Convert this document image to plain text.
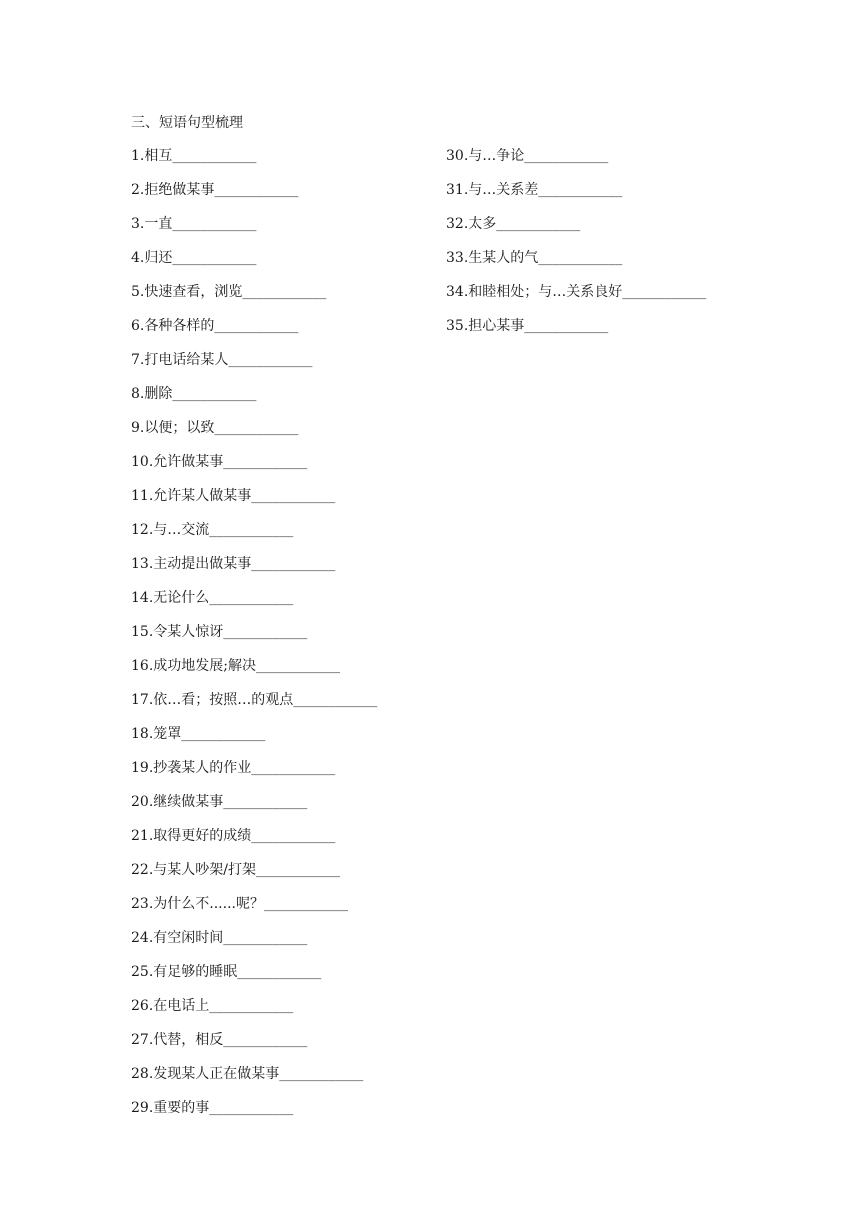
三、短语句型梳理
1.相互____________
2.拒绝做某事____________
3.一直____________
4.归还____________
5.快速查看，浏览____________
6.各种各样的____________
7.打电话给某人____________
8.删除____________
9.以便；以致____________
10.允许做某事____________
11.允许某人做某事____________
12.与…交流____________
13.主动提出做某事____________
14.无论什么____________
15.令某人惊讶____________
16.成功地发展;解决____________
17.依…看；按照…的观点____________
18.笼罩____________
19.抄袭某人的作业____________
20.继续做某事____________
21.取得更好的成绩____________
22.与某人吵架/打架____________
23.为什么不......呢？____________
24.有空闲时间____________
25.有足够的睡眠____________
26.在电话上____________
27.代替，相反____________
28.发现某人正在做某事____________
29.重要的事____________
30.与…争论____________
31.与…关系差____________
32.太多____________
33.生某人的气____________
34.和睦相处；与…关系良好____________
35.担心某事____________
